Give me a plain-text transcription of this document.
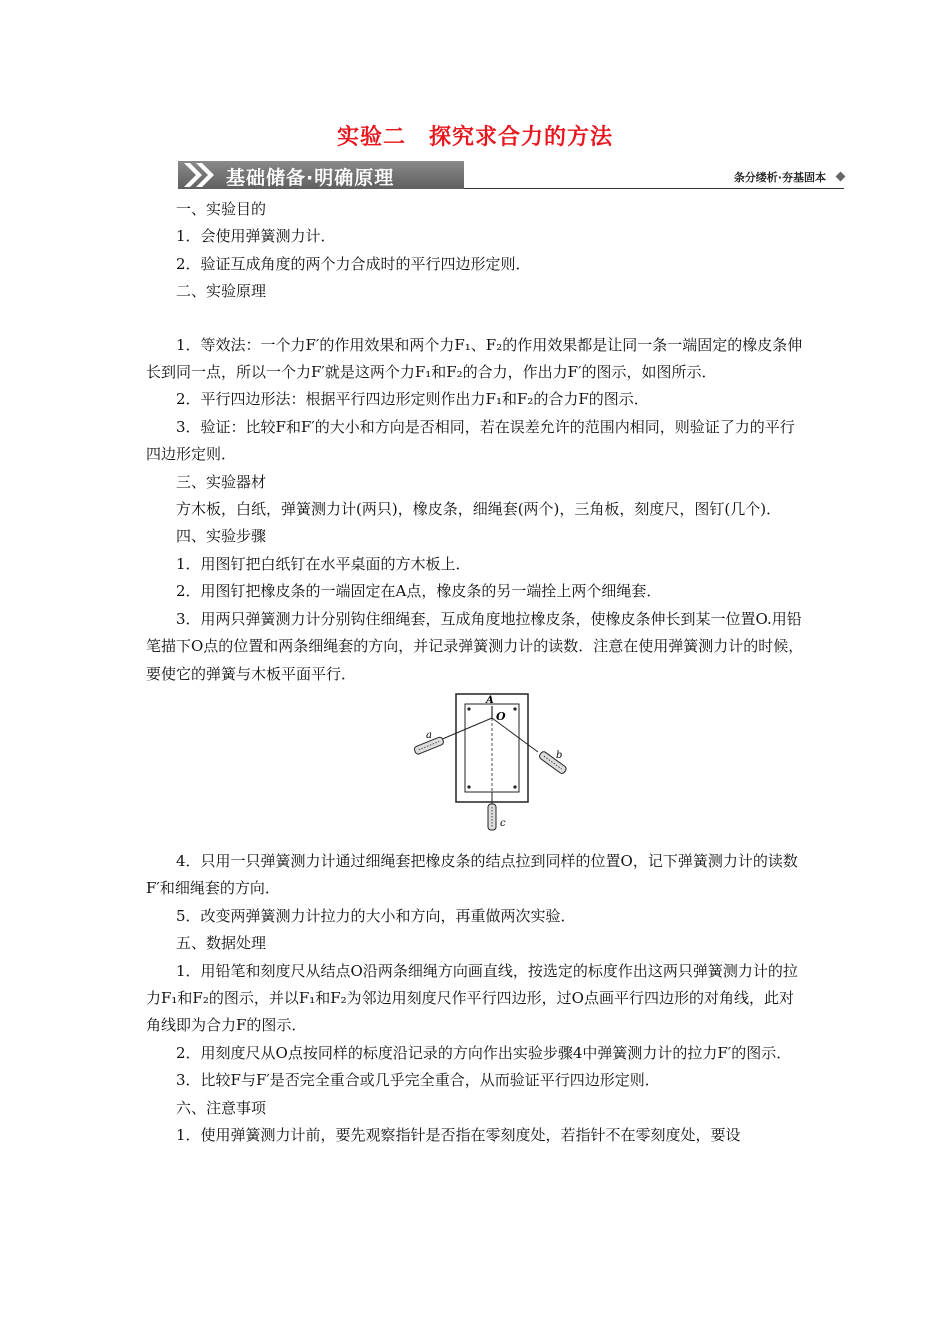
实验二　探究求合力的方法
基础储备·明确原理	条分缕析·夯基固本

一、实验目的

1．会使用弹簧测力计．

2．验证互成角度的两个力合成时的平行四边形定则．

二、实验原理

1．等效法：一个力F′的作用效果和两个力F₁、F₂的作用效果都是让同一条一端固定的橡皮条伸长到同一点，所以一个力F′就是这两个力F₁和F₂的合力，作出力F′的图示，如图所示．

2．平行四边形法：根据平行四边形定则作出力F₁和F₂的合力F的图示．

3．验证：比较F和F′的大小和方向是否相同，若在误差允许的范围内相同，则验证了力的平行四边形定则．

三、实验器材

方木板，白纸，弹簧测力计(两只)，橡皮条，细绳套(两个)，三角板，刻度尺，图钉(几个)．

四、实验步骤

1．用图钉把白纸钉在水平桌面的方木板上．

2．用图钉把橡皮条的一端固定在A点，橡皮条的另一端拴上两个细绳套．

3．用两只弹簧测力计分别钩住细绳套，互成角度地拉橡皮条，使橡皮条伸长到某一位置O.用铅笔描下O点的位置和两条细绳套的方向，并记录弹簧测力计的读数．注意在使用弹簧测力计的时候，要使它的弹簧与木板平面平行．

A
O
a
b
c

4．只用一只弹簧测力计通过细绳套把橡皮条的结点拉到同样的位置O，记下弹簧测力计的读数F′和细绳套的方向．

5．改变两弹簧测力计拉力的大小和方向，再重做两次实验．

五、数据处理

1．用铅笔和刻度尺从结点O沿两条细绳方向画直线，按选定的标度作出这两只弹簧测力计的拉力F₁和F₂的图示，并以F₁和F₂为邻边用刻度尺作平行四边形，过O点画平行四边形的对角线，此对角线即为合力F的图示．

2．用刻度尺从O点按同样的标度沿记录的方向作出实验步骤4中弹簧测力计的拉力F′的图示．

3．比较F与F′是否完全重合或几乎完全重合，从而验证平行四边形定则．

六、注意事项

1．使用弹簧测力计前，要先观察指针是否指在零刻度处，若指针不在零刻度处，要设
